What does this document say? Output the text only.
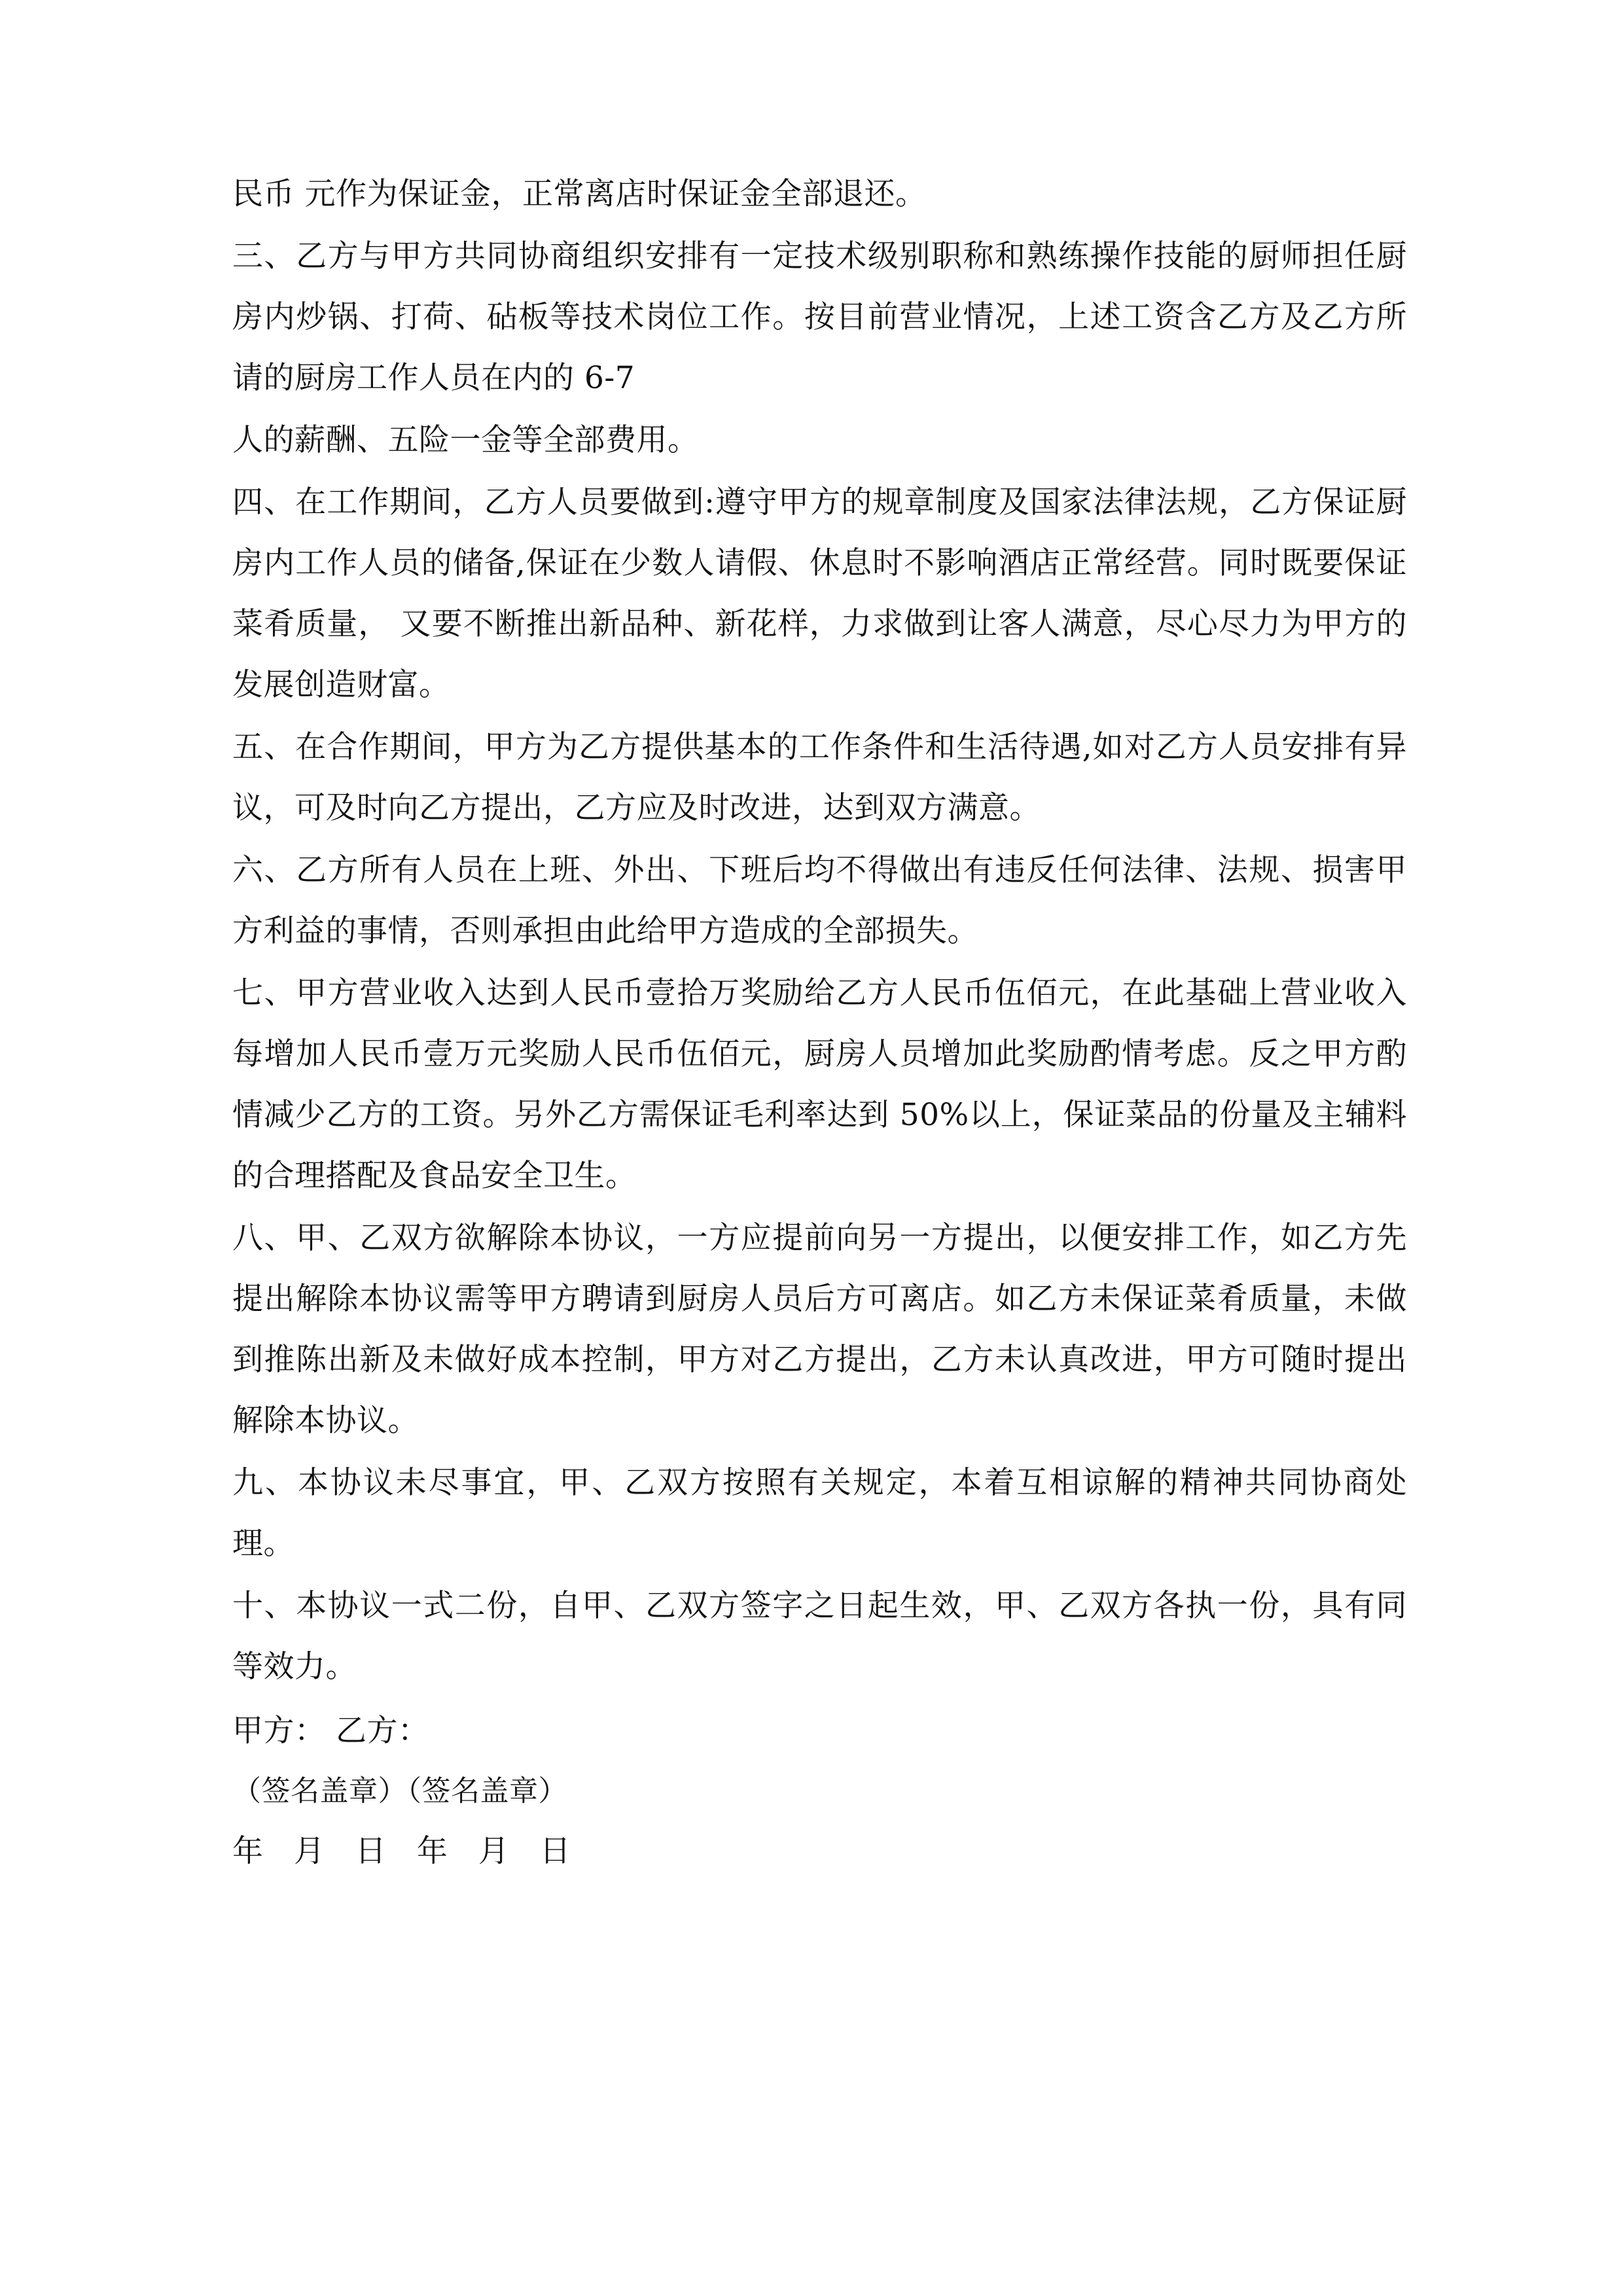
民币 元作为保证金，正常离店时保证金全部退还。

三、乙方与甲方共同协商组织安排有一定技术级别职称和熟练操作技能的厨师担任厨房内炒锅、打荷、砧板等技术岗位工作。按目前营业情况，上述工资含乙方及乙方所请的厨房工作人员在内的 6-7

人的薪酬、五险一金等全部费用。

四、在工作期间，乙方人员要做到:遵守甲方的规章制度及国家法律法规，乙方保证厨房内工作人员的储备,保证在少数人请假、休息时不影响酒店正常经营。同时既要保证菜肴质量， 又要不断推出新品种、新花样，力求做到让客人满意，尽心尽力为甲方的发展创造财富。

五、在合作期间，甲方为乙方提供基本的工作条件和生活待遇,如对乙方人员安排有异议，可及时向乙方提出，乙方应及时改进，达到双方满意。

六、乙方所有人员在上班、外出、下班后均不得做出有违反任何法律、法规、损害甲方利益的事情，否则承担由此给甲方造成的全部损失。

七、甲方营业收入达到人民币壹拾万奖励给乙方人民币伍佰元，在此基础上营业收入每增加人民币壹万元奖励人民币伍佰元，厨房人员增加此奖励酌情考虑。反之甲方酌情减少乙方的工资。另外乙方需保证毛利率达到 50%以上，保证菜品的份量及主辅料的合理搭配及食品安全卫生。

八、甲、乙双方欲解除本协议，一方应提前向另一方提出，以便安排工作，如乙方先提出解除本协议需等甲方聘请到厨房人员后方可离店。如乙方未保证菜肴质量，未做到推陈出新及未做好成本控制，甲方对乙方提出，乙方未认真改进，甲方可随时提出解除本协议。

九、本协议未尽事宜，甲、乙双方按照有关规定，本着互相谅解的精神共同协商处理。

十、本协议一式二份，自甲、乙双方签字之日起生效，甲、乙双方各执一份，具有同等效力。

甲方： 乙方：

（签名盖章）（签名盖章）

年 月 日 年 月 日
